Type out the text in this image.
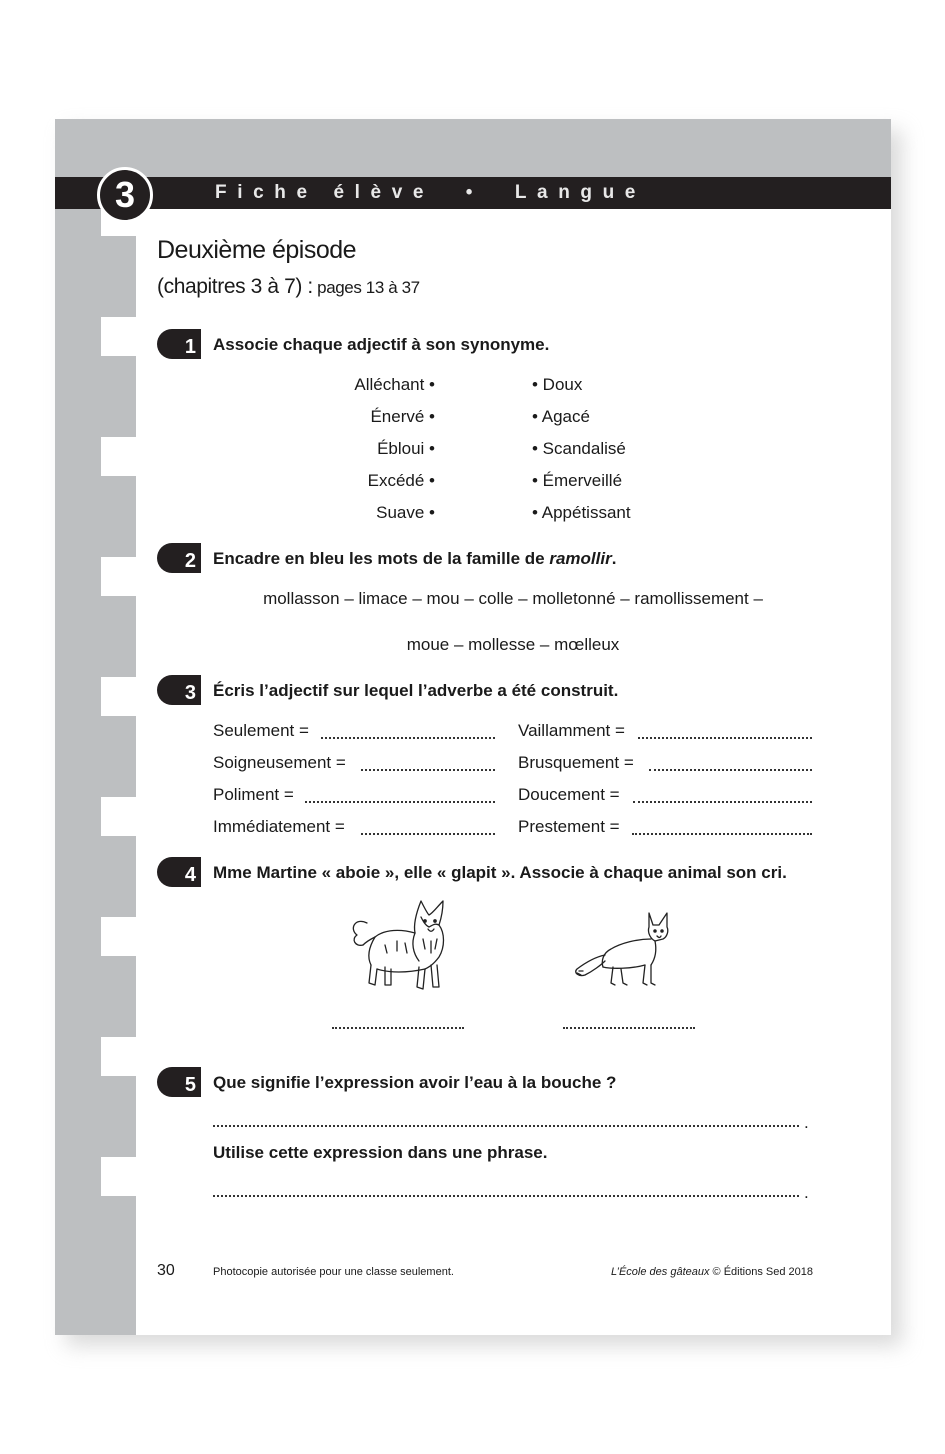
Fiche élève  •  Langue
3
Deuxième épisode
(chapitres 3 à 7) : pages 13 à 37
1 Associe chaque adjectif à son synonyme.
Alléchant •
Énervé •
Ébloui •
Excédé •
Suave •
• Doux
• Agacé
• Scandalisé
• Émerveillé
• Appétissant
2 Encadre en bleu les mots de la famille de ramollir.
mollasson – limace – mou – colle – molletonné – ramollissement –
moue – mollesse – mœlleux
3 Écris l’adjectif sur lequel l’adverbe a été construit.
Seulement =
Soigneusement =
Poliment =
Immédiatement =
Vaillamment =
Brusquement =
Doucement =
Prestement =
4 Mme Martine « aboie », elle « glapit ». Associe à chaque animal son cri.
5 Que signifie l’expression avoir l’eau à la bouche ?
.
Utilise cette expression dans une phrase.
.
30	Photocopie autorisée pour une classe seulement.	L’École des gâteaux © Éditions Sed 2018
